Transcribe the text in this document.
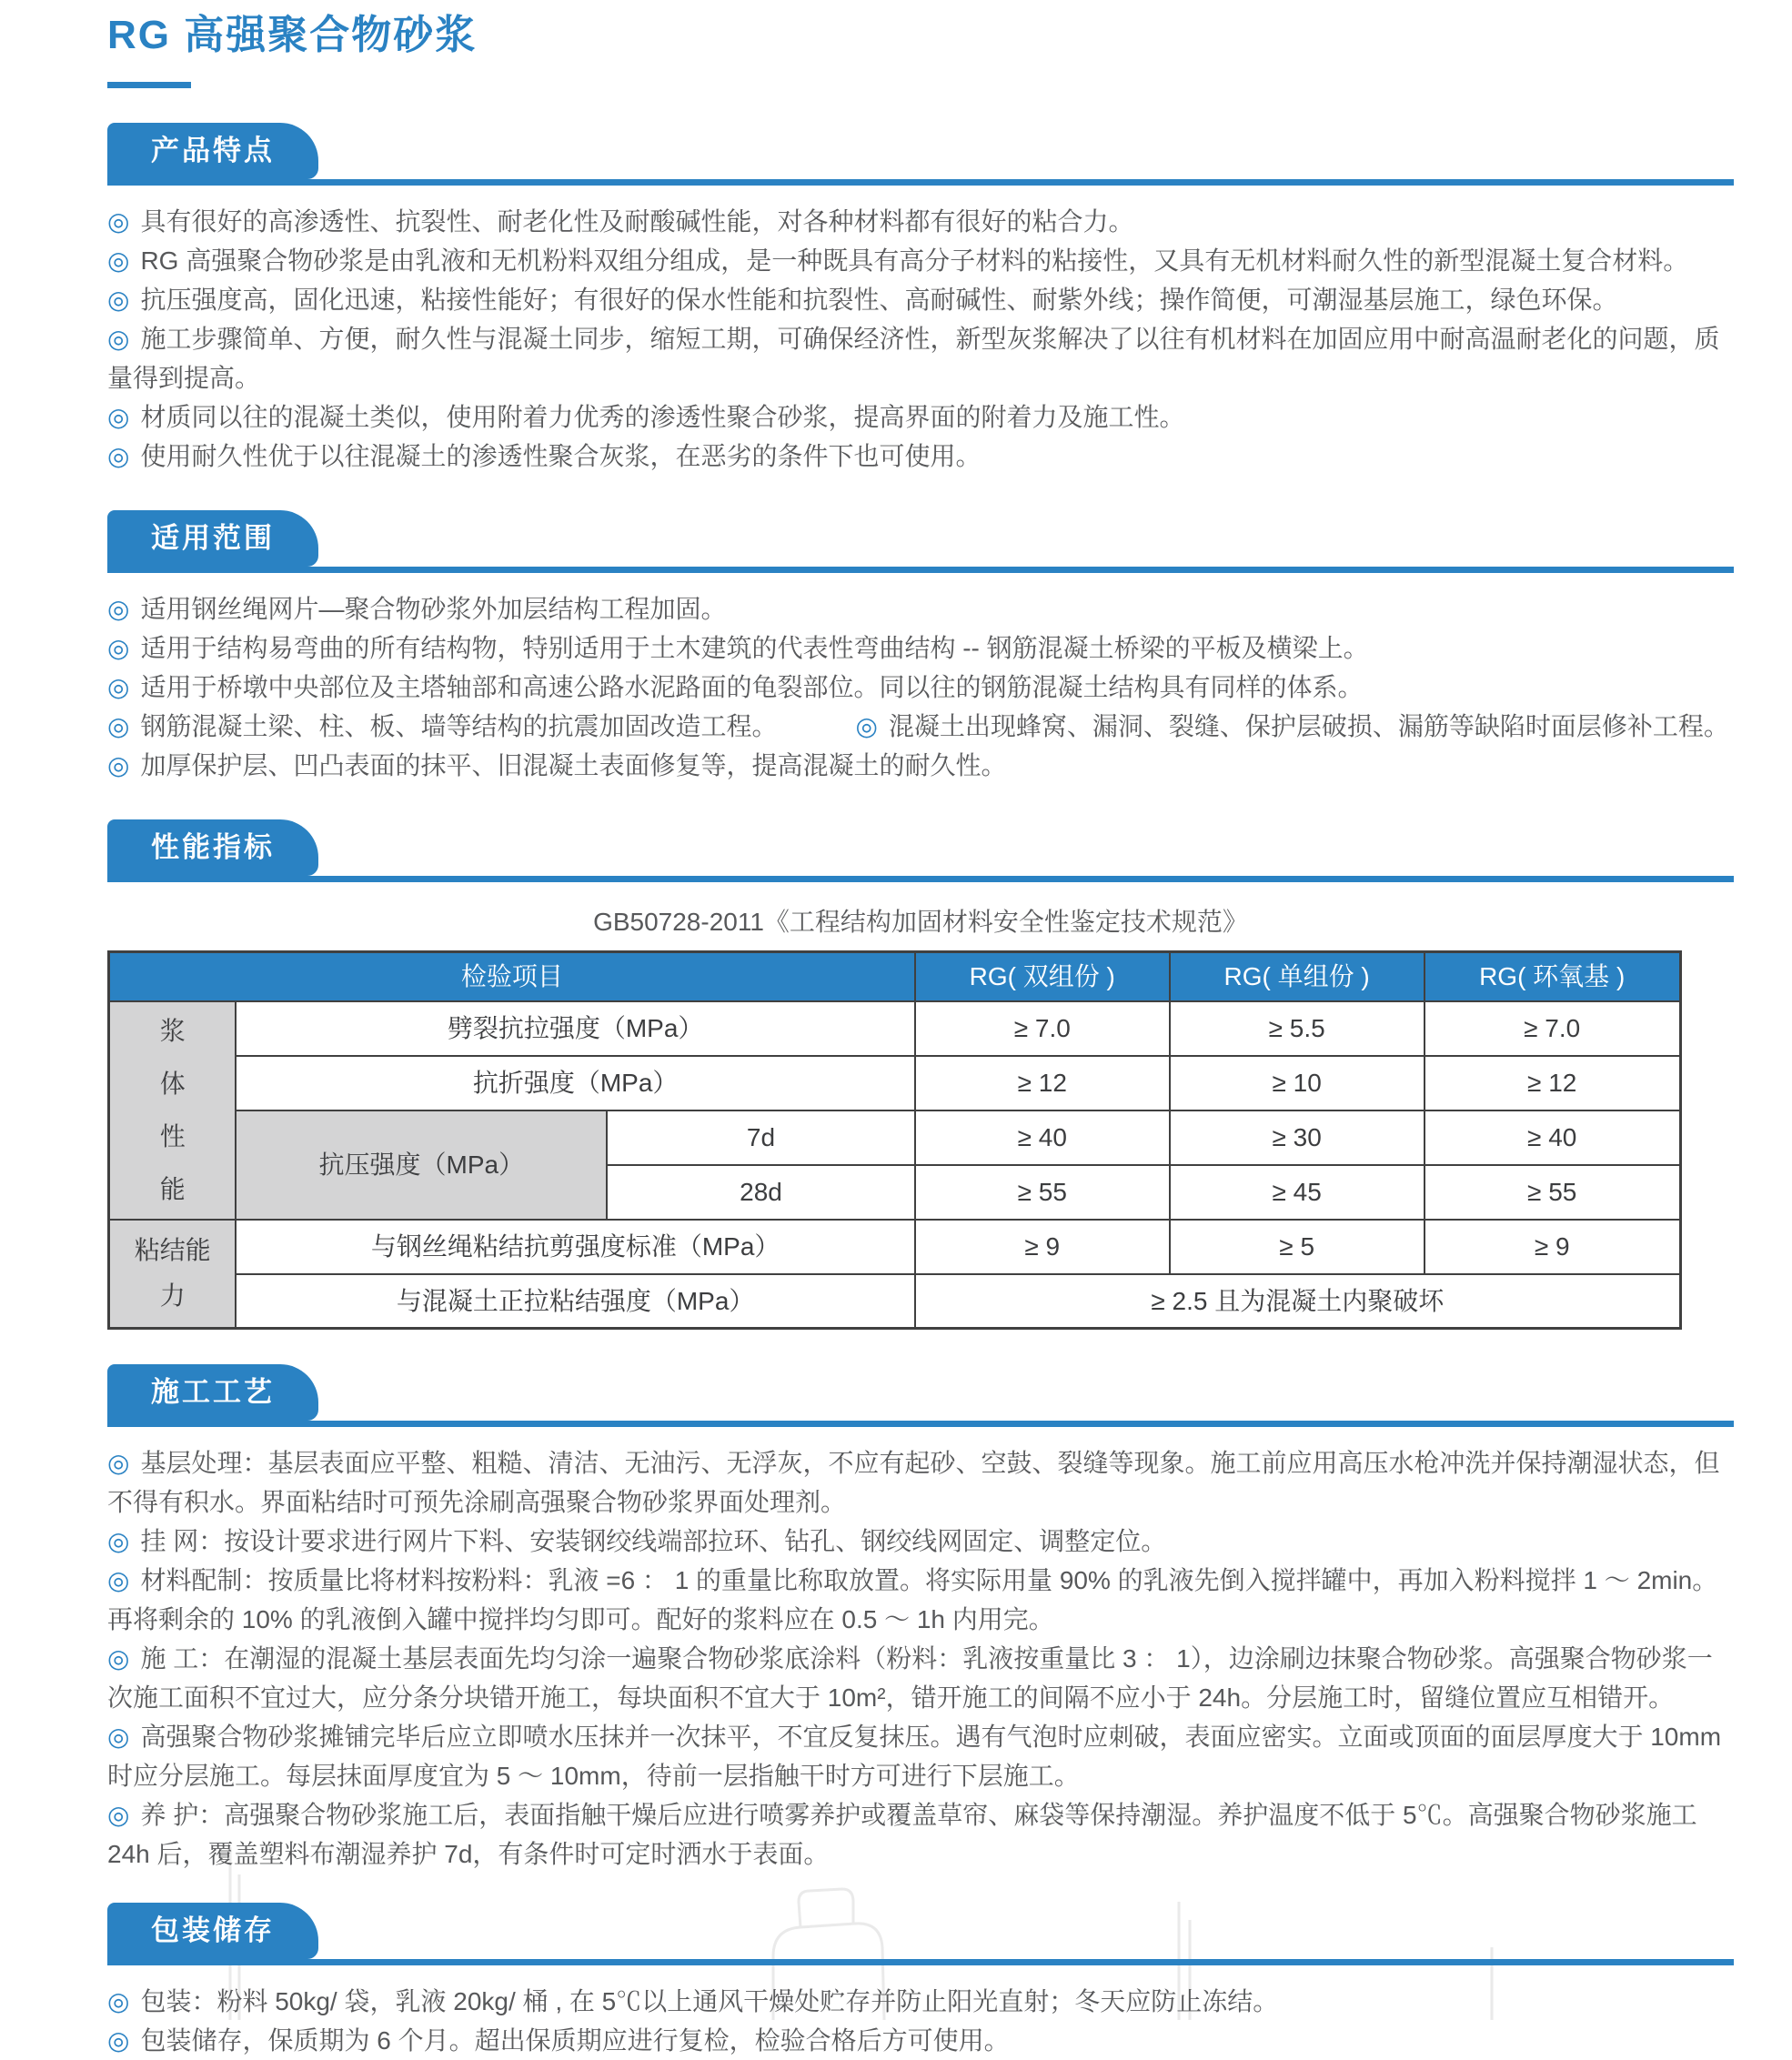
RG 高强聚合物砂浆
产品特点

◎ 具有很好的高渗透性、抗裂性、耐老化性及耐酸碱性能，对各种材料都有很好的粘合力。

◎ RG 高强聚合物砂浆是由乳液和无机粉料双组分组成，是一种既具有高分子材料的粘接性，又具有无机材料耐久性的新型混凝土复合材料。

◎ 抗压强度高，固化迅速，粘接性能好；有很好的保水性能和抗裂性、高耐碱性、耐紫外线；操作简便，可潮湿基层施工，绿色环保。

◎ 施工步骤简单、方便，耐久性与混凝土同步，缩短工期，可确保经济性，新型灰浆解决了以往有机材料在加固应用中耐高温耐老化的问题，质量得到提高。

◎ 材质同以往的混凝土类似，使用附着力优秀的渗透性聚合砂浆，提高界面的附着力及施工性。

◎ 使用耐久性优于以往混凝土的渗透性聚合灰浆，在恶劣的条件下也可使用。

适用范围

◎ 适用钢丝绳网片—聚合物砂浆外加层结构工程加固。

◎ 适用于结构易弯曲的所有结构物，特别适用于土木建筑的代表性弯曲结构 -- 钢筋混凝土桥梁的平板及横梁上。

◎ 适用于桥墩中央部位及主塔轴部和高速公路水泥路面的龟裂部位。同以往的钢筋混凝土结构具有同样的体系。

◎ 钢筋混凝土梁、柱、板、墙等结构的抗震加固改造工程。	◎ 混凝土出现蜂窝、漏洞、裂缝、保护层破损、漏筋等缺陷时面层修补工程。

◎ 加厚保护层、凹凸表面的抹平、旧混凝土表面修复等，提高混凝土的耐久性。

性能指标

GB50728-2011《工程结构加固材料安全性鉴定技术规范》

检验项目			RG( 双组份 )	RG( 单组份 )	RG( 环氧基 )
浆体性能	劈裂抗拉强度（MPa）		≥ 7.0	≥ 5.5	≥ 7.0
	抗折强度（MPa）		≥ 12	≥ 10	≥ 12
	抗压强度（MPa）	7d	≥ 40	≥ 30	≥ 40
		28d	≥ 55	≥ 45	≥ 55
粘结能力	与钢丝绳粘结抗剪强度标准（MPa）		≥ 9	≥ 5	≥ 9
	与混凝土正拉粘结强度（MPa）		≥ 2.5 且为混凝土内聚破坏		
施工工艺

◎ 基层处理：基层表面应平整、粗糙、清洁、无油污、无浮灰，不应有起砂、空鼓、裂缝等现象。施工前应用高压水枪冲洗并保持潮湿状态，但不得有积水。界面粘结时可预先涂刷高强聚合物砂浆界面处理剂。

◎ 挂 网：按设计要求进行网片下料、安装钢绞线端部拉环、钻孔、钢绞线网固定、调整定位。

◎ 材料配制：按质量比将材料按粉料：乳液 =6 ： 1 的重量比称取放置。将实际用量 90% 的乳液先倒入搅拌罐中，再加入粉料搅拌 1 ～ 2min。再将剩余的 10% 的乳液倒入罐中搅拌均匀即可。配好的浆料应在 0.5 ～ 1h 内用完。

◎ 施 工：在潮湿的混凝土基层表面先均匀涂一遍聚合物砂浆底涂料（粉料：乳液按重量比 3 ： 1），边涂刷边抹聚合物砂浆。高强聚合物砂浆一次施工面积不宜过大，应分条分块错开施工，每块面积不宜大于 10m²，错开施工的间隔不应小于 24h。分层施工时，留缝位置应互相错开。

◎ 高强聚合物砂浆摊铺完毕后应立即喷水压抹并一次抹平，不宜反复抹压。遇有气泡时应刺破，表面应密实。立面或顶面的面层厚度大于 10mm 时应分层施工。每层抹面厚度宜为 5 ～ 10mm，待前一层指触干时方可进行下层施工。

◎ 养 护：高强聚合物砂浆施工后，表面指触干燥后应进行喷雾养护或覆盖草帘、麻袋等保持潮湿。养护温度不低于 5℃。高强聚合物砂浆施工 24h 后，覆盖塑料布潮湿养护 7d，有条件时可定时洒水于表面。

包装储存

◎ 包装：粉料 50kg/ 袋，乳液 20kg/ 桶 , 在 5℃以上通风干燥处贮存并防止阳光直射；冬天应防止冻结。

◎ 包装储存，保质期为 6 个月。超出保质期应进行复检，检验合格后方可使用。
